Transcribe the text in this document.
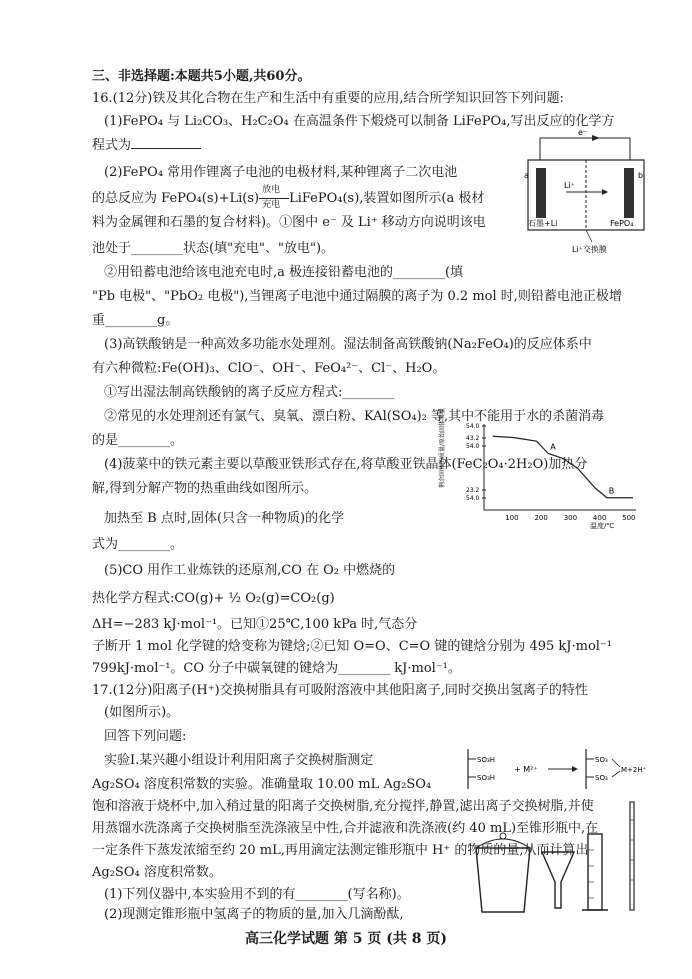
三、非选择题:本题共5小题,共60分。
16.(12分)铁及其化合物在生产和生活中有重要的应用,结合所学知识回答下列问题:
(1)FePO₄ 与 Li₂CO₃、H₂C₂O₄ 在高温条件下煅烧可以制备 LiFePO₄,写出反应的化学方
程式为
(2)FePO₄ 常用作锂离子电池的电极材料,某种锂离子二次电池
的总反应为 FePO₄(s)+Li(s)
放电
充电 LiFePO₄(s),装置如图所示(a 极材
料为金属锂和石墨的复合材料)。①图中 e⁻ 及 Li⁺ 移动方向说明该电
池处于________状态(填"充电"、"放电")。
②用铅蓄电池给该电池充电时,a 极连接铅蓄电池的________(填
"Pb 电极"、"PbO₂ 电极"),当锂离子电池中通过隔膜的离子为 0.2 mol 时,则铅蓄电池正极增
重________g。
(3)高铁酸钠是一种高效多功能水处理剂。湿法制备高铁酸钠(Na₂FeO₄)的反应体系中
有六种微粒:Fe(OH)₃、ClO⁻、OH⁻、FeO₄²⁻、Cl⁻、H₂O。
①写出湿法制高铁酸钠的离子反应方程式:________
②常见的水处理剂还有氯气、臭氧、漂白粉、KAl(SO₄)₂ 等,其中不能用于水的杀菌消毒
的是________。
(4)菠菜中的铁元素主要以草酸亚铁形式存在,将草酸亚铁晶体(FeC₂O₄·2H₂O)加热分
解,得到分解产物的热重曲线如图所示。
加热至 B 点时,固体(只含一种物质)的化学
式为________。
(5)CO 用作工业炼铁的还原剂,CO 在 O₂ 中燃烧的
热化学方程式:CO(g)+ ½ O₂(g)=CO₂(g)
ΔH=−283 kJ·mol⁻¹。已知①25℃,100 kPa 时,气态分
子断开 1 mol 化学键的焓变称为键焓;②已知 O=O、C=O 键的键焓分别为 495 kJ·mol⁻¹
799kJ·mol⁻¹。CO 分子中碳氧键的键焓为________ kJ·mol⁻¹。
17.(12分)阳离子(H⁺)交换树脂具有可吸附溶液中其他阳离子,同时交换出氢离子的特性
(如图所示)。
回答下列问题:
实验Ⅰ.某兴趣小组设计利用阳离子交换树脂测定
Ag₂SO₄ 溶度积常数的实验。准确量取 10.00 mL Ag₂SO₄
饱和溶液于烧杯中,加入稍过量的阳离子交换树脂,充分搅拌,静置,滤出离子交换树脂,并使
用蒸馏水洗涤离子交换树脂至洗涤液呈中性,合并滤液和洗涤液(约 40 mL)至锥形瓶中,在
一定条件下蒸发浓缩至约 20 mL,再用滴定法测定锥形瓶中 H⁺ 的物质的量,从而计算出
Ag₂SO₄ 溶度积常数。
(1)下列仪器中,本实验用不到的有________(写名称)。
(2)现测定锥形瓶中氢离子的物质的量,加入几滴酚酞,
e⁻
a	b
Li⁺
石墨+Li	FePO₄
Li⁺交换膜
剩余固体的质量/原始固体质量	54.0
43.2
54.0
23.2
54.0
100 200 300 400 500
A
B
温度/℃
SO₃H
SO₃H
+ M²⁺
SO₃
SO₃
M+2H⁺
高三化学试题 第 5 页 (共 8 页)
